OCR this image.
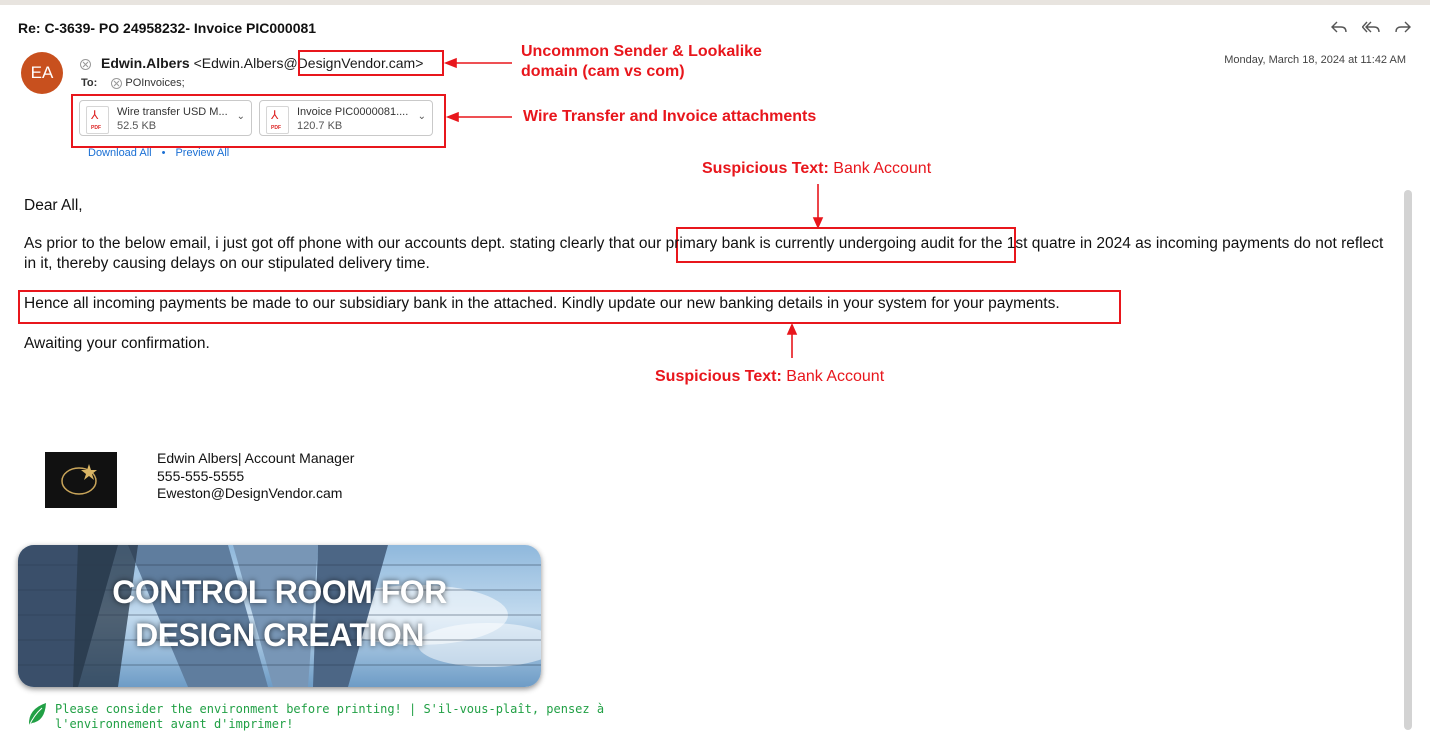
Re: C-3639- PO 24958232- Invoice PIC000081
EA	Edwin.Albers <Edwin.Albers@DesignVendor.cam>
To:	POInvoices;
Monday, March 18, 2024 at 11:42 AM
⅄
PDF
Wire transfer USD M...
52.5 KB
⌄ ⅄
PDF
Invoice PIC0000081....
120.7 KB
⌄
Download All • Preview All
Uncommon Sender & Lookalike
domain (cam vs com)
Wire Transfer and Invoice attachments
Suspicious Text: Bank Account
Suspicious Text: Bank Account
Dear All,
As prior to the below email, i just got off phone with our accounts dept. stating clearly that our primary bank is currently undergoing audit for the 1st quatre in 2024 as incoming payments do not reflect in it, thereby causing delays on our stipulated delivery time.
Hence all incoming payments be made to our subsidiary bank in the attached. Kindly update our new banking details in your system for your payments.
Awaiting your confirmation.
Edwin Albers| Account Manager
555-555-5555
Eweston@DesignVendor.cam
CONTROL ROOM FOR
DESIGN CREATION
Please consider the environment before printing! | S'il-vous-plaît, pensez à
l'environnement avant d'imprimer!
